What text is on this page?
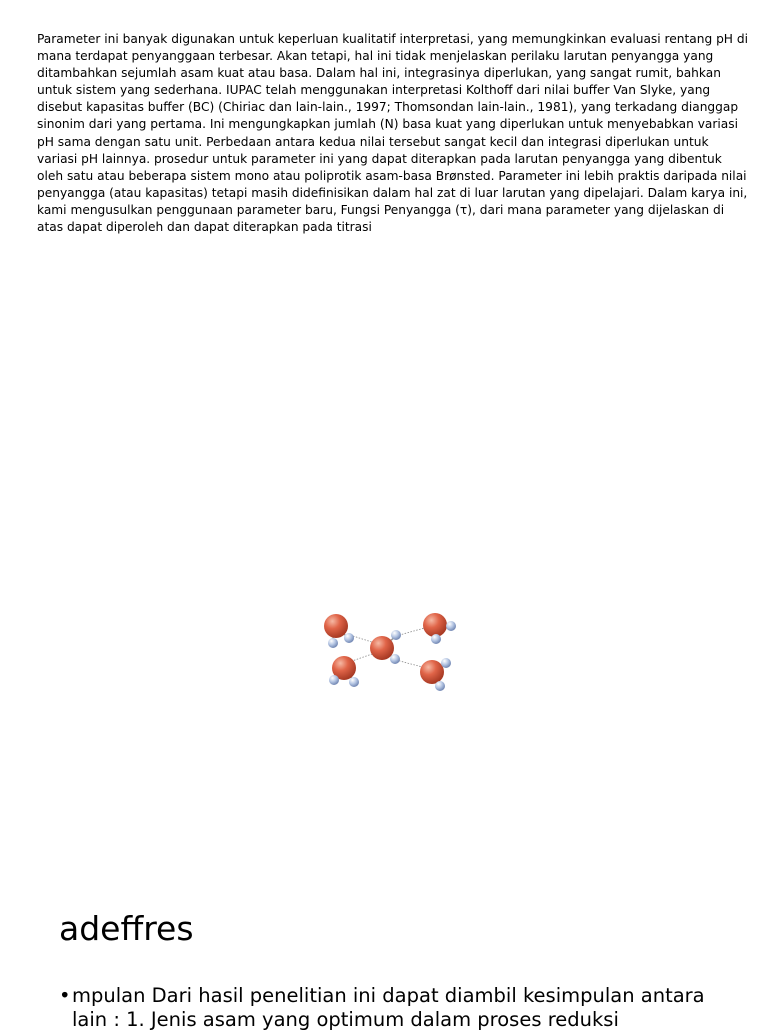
Parameter ini banyak digunakan untuk keperluan kualitatif interpretasi, yang memungkinkan evaluasi rentang pH di mana terdapat penyanggaan terbesar. Akan tetapi, hal ini tidak menjelaskan perilaku larutan penyangga yang ditambahkan sejumlah asam kuat atau basa. Dalam hal ini, integrasinya diperlukan, yang sangat rumit, bahkan untuk sistem yang sederhana. IUPAC telah menggunakan interpretasi Kolthoff dari nilai buffer Van Slyke, yang disebut kapasitas buffer (BC) (Chiriac dan lain-lain., 1997; Thomsondan lain-lain., 1981), yang terkadang dianggap sinonim dari yang pertama. Ini mengungkapkan jumlah (N) basa kuat yang diperlukan untuk menyebabkan variasi pH sama dengan satu unit. Perbedaan antara kedua nilai tersebut sangat kecil dan integrasi diperlukan untuk variasi pH lainnya. prosedur untuk parameter ini yang dapat diterapkan pada larutan penyangga yang dibentuk oleh satu atau beberapa sistem mono atau poliprotik asam-basa Brønsted. Parameter ini lebih praktis daripada nilai penyangga (atau kapasitas) tetapi masih didefinisikan dalam hal zat di luar larutan yang dipelajari. Dalam karya ini, kami mengusulkan penggunaan parameter baru, Fungsi Penyangga (τ), dari mana parameter yang dijelaskan di atas dapat diperoleh dan dapat diterapkan pada titrasi

adeffres
• mpulan Dari hasil penelitian ini dapat diambil kesimpulan antara lain : 1. Jenis asam yang optimum dalam proses reduksi
